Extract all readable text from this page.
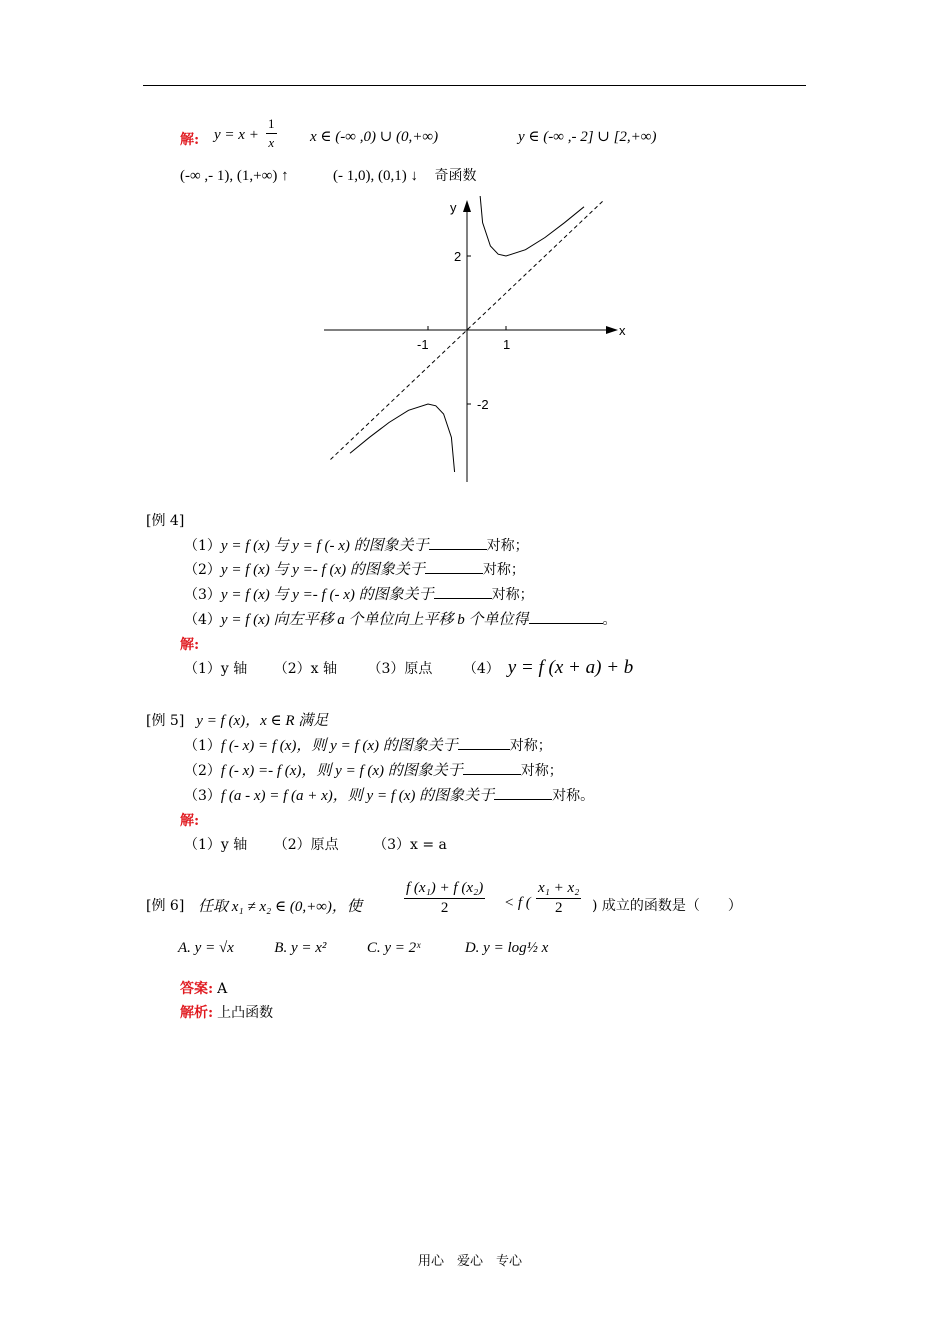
解: $y = x + \frac{1}{x}$ x ∈ (-∞ ,0) ∪ (0,+∞)	y ∈ (-∞ ,- 2] ∪ [2,+∞)
(-∞ ,- 1), (1,+∞) ↑	(- 1,0), (0,1) ↓ 奇函数
x
y
-1	1
2
-2
[例 4]
（1）y = f (x) 与 y = f (- x) 的图象关于	对称；
（2）y = f (x) 与 y =- f (x) 的图象关于	对称；
（3）y = f (x) 与 y =- f (- x) 的图象关于	对称；
（4）y = f (x) 向左平移 a 个单位向上平移 b 个单位得	。
解:
（1）y 轴 （2）x 轴 （3）原点 （4） y = f (x + a) + b
[例 5] y = f (x)，x ∈ R 满足
（1）f (- x) = f (x)，则 y = f (x) 的图象关于	对称；
（2）f (- x) =- f (x)，则 y = f (x) 的图象关于	对称；
（3）f (a - x) = f (a + x)，则 y = f (x) 的图象关于	对称。
解:
（1）y 轴 （2）原点 （3）x = a
[例 6] 任取 x₁ ≠ x₂ ∈ (0,+∞)，使	$\frac{\text{f (x₁) + f (x₂)}}{2} < f$ ( $\frac{\text{x₁ + x₂}}{2}$ ) 成立的函数是（　　）
A. y = √x	B. y = x²	C. y = 2ˣ	D. y = log½ x
答案: A
解析: 上凸函数
用心　爱心　专心
